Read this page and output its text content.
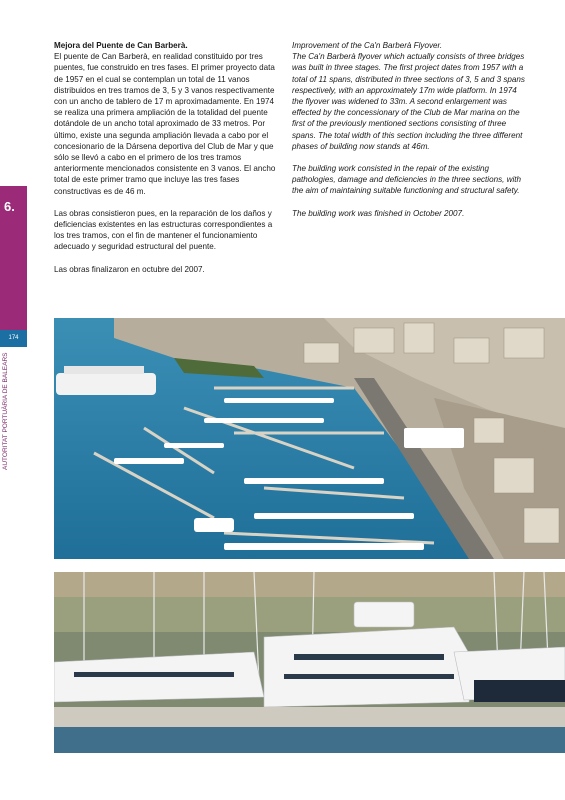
6.
174
AUTORITAT PORTUÀRIA DE BALEARS
Mejora del Puente de Can Barberà.

El puente de Can Barberà, en realidad constituido por tres puentes, fue construido en tres fases. El primer proyecto data de 1957 en el cual se contemplan un total de 11 vanos distribuidos en tres tramos de 3, 5 y 3 vanos respectivamente con un ancho de tablero de 17 m aproximadamente. En 1974 se realiza una primera ampliación de la totalidad del puente dotándole de un ancho total aproximado de 33 metros. Por último, existe una segunda ampliación llevada a cabo por el concesionario de la Dársena deportiva del Club de Mar y que sólo se llevó a cabo en el primero de los tres tramos anteriormente mencionados consistente en 3 vanos. El ancho total de este primer tramo que incluye las tres fases constructivas es de 46 m.

Las obras consistieron pues, en la reparación de los daños y deficiencias existentes en las estructuras correspondientes a los tres tramos, con el fin de mantener el funcionamiento adecuado y seguridad estructural del puente.

Las obras finalizaron en octubre del 2007.

Improvement of the Ca'n Barberà Flyover.

The Ca'n Barberà flyover which actually consists of three bridges was built in three stages. The first project dates from 1957 with a total of 11 spans, distributed in three sections of 3, 5 and 3 spans respectively, with an approximately 17m wide platform. In 1974 the flyover was widened to 33m. A second enlargement was effected by the concessionary of the Club de Mar marina on the first of the previously mentioned sections consisting of three spans. The total width of this section including the three different phases of building now stands at 46m.

The building work consisted in the repair of the existing pathologies, damage and deficiencies in the three sections, with the aim of maintaining suitable functioning and structural safety.

The building work was finished in October 2007.
